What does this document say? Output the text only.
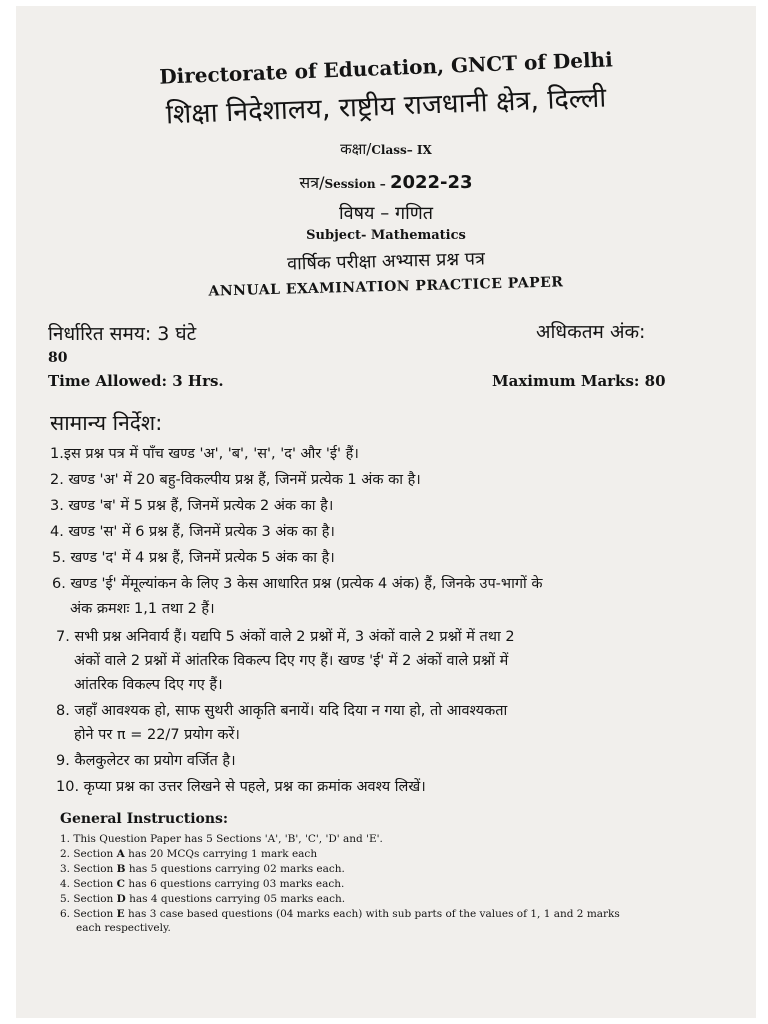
Directorate of Education, GNCT of Delhi
शिक्षा निदेशालय, राष्ट्रीय राजधानी क्षेत्र, दिल्ली
कक्षा/Class– IX
सत्र/Session – 2022-23
विषय – गणित
Subject- Mathematics
वार्षिक परीक्षा अभ्यास प्रश्न पत्र
ANNUAL EXAMINATION PRACTICE PAPER
निर्धारित समय: 3 घंटे	अधिकतम अंक:
80
Time Allowed: 3 Hrs.	Maximum Marks: 80
सामान्य निर्देश:
1.इस प्रश्न पत्र में पाँच खण्ड 'अ', 'ब', 'स', 'द' और 'ई' हैं।
2. खण्ड 'अ' में 20 बहु-विकल्पीय प्रश्न हैं, जिनमें प्रत्येक 1 अंक का है।
3. खण्ड 'ब' में 5 प्रश्न हैं, जिनमें प्रत्येक 2 अंक का है।
4. खण्ड 'स' में 6 प्रश्न हैं, जिनमें प्रत्येक 3 अंक का है।
5. खण्ड 'द' में 4 प्रश्न हैं, जिनमें प्रत्येक 5 अंक का है।
6. खण्ड 'ई' मेंमूल्यांकन के लिए 3 केस आधारित प्रश्न (प्रत्येक 4 अंक) हैं, जिनके उप-भागों के
अंक क्रमशः 1,1 तथा 2 हैं।
7. सभी प्रश्न अनिवार्य हैं। यद्यपि 5 अंकों वाले 2 प्रश्नों में, 3 अंकों वाले 2 प्रश्नों में तथा 2
अंकों वाले 2 प्रश्नों में आंतरिक विकल्प दिए गए हैं। खण्ड 'ई' में 2 अंकों वाले प्रश्नों में
आंतरिक विकल्प दिए गए हैं।
8. जहाँ आवश्यक हो, साफ सुथरी आकृति बनायें। यदि दिया न गया हो, तो आवश्यकता
होने पर π = 22/7 प्रयोग करें।
9. कैलकुलेटर का प्रयोग वर्जित है।
10. कृप्या प्रश्न का उत्तर लिखने से पहले, प्रश्न का क्रमांक अवश्य लिखें।
General Instructions:
1. This Question Paper has 5 Sections 'A', 'B', 'C', 'D' and 'E'.
2. Section A has 20 MCQs carrying 1 mark each
3. Section B has 5 questions carrying 02 marks each.
4. Section C has 6 questions carrying 03 marks each.
5. Section D has 4 questions carrying 05 marks each.
6. Section E has 3 case based questions (04 marks each) with sub parts of the values of 1, 1 and 2 marks
each respectively.
